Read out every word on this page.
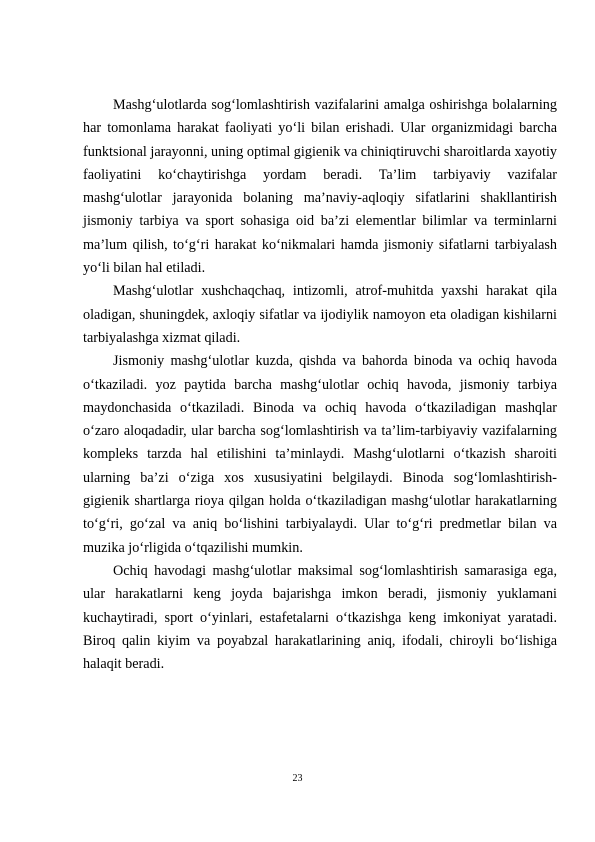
Mashg‘ulotlarda sog‘lomlashtirish vazifalarini amalga oshirishga bolalarning har tomonlama harakat faoliyati yo‘li bilan erishadi. Ular organizmidagi barcha funktsional jarayonni, uning optimal gigienik va chiniqtiruvchi sharoitlarda xayotiy faoliyatini ko‘chaytirishga yordam beradi. Ta’lim tarbiyaviy vazifalar mashg‘ulotlar jarayonida bolaning ma’naviy-aqloqiy sifatlarini shakllantirish jismoniy tarbiya va sport sohasiga oid ba’zi elementlar bilimlar va terminlarni ma’lum qilish, to‘g‘ri harakat ko‘nikmalari hamda jismoniy sifatlarni tarbiyalash yo‘li bilan hal etiladi.

Mashg‘ulotlar xushchaqchaq, intizomli, atrof-muhitda yaxshi harakat qila oladigan, shuningdek, axloqiy sifatlar va ijodiylik namoyon eta oladigan kishilarni tarbiyalashga xizmat qiladi.

Jismoniy mashg‘ulotlar kuzda, qishda va bahorda binoda va ochiq havoda o‘tkaziladi. yoz paytida barcha mashg‘ulotlar ochiq havoda, jismoniy tarbiya maydonchasida o‘tkaziladi. Binoda va ochiq havoda o‘tkaziladigan mashqlar o‘zaro aloqadadir, ular barcha sog‘lomlashtirish va ta’lim-tarbiyaviy vazifalarning kompleks tarzda hal etilishini ta’minlaydi. Mashg‘ulotlarni o‘tkazish sharoiti ularning ba’zi o‘ziga xos xususiyatini belgilaydi. Binoda sog‘lomlashtirish-gigienik shartlarga rioya qilgan holda o‘tkaziladigan mashg‘ulotlar harakatlarning to‘g‘ri, go‘zal va aniq bo‘lishini tarbiyalaydi. Ular to‘g‘ri predmetlar bilan va muzika jo‘rligida o‘tqazilishi mumkin.

Ochiq havodagi mashg‘ulotlar maksimal sog‘lomlashtirish samarasiga ega, ular harakatlarni keng joyda bajarishga imkon beradi, jismoniy yuklamani kuchaytiradi, sport o‘yinlari, estafetalarni o‘tkazishga keng imkoniyat yaratadi. Biroq qalin kiyim va poyabzal harakatlarining aniq, ifodali, chiroyli bo‘lishiga halaqit beradi.

23
